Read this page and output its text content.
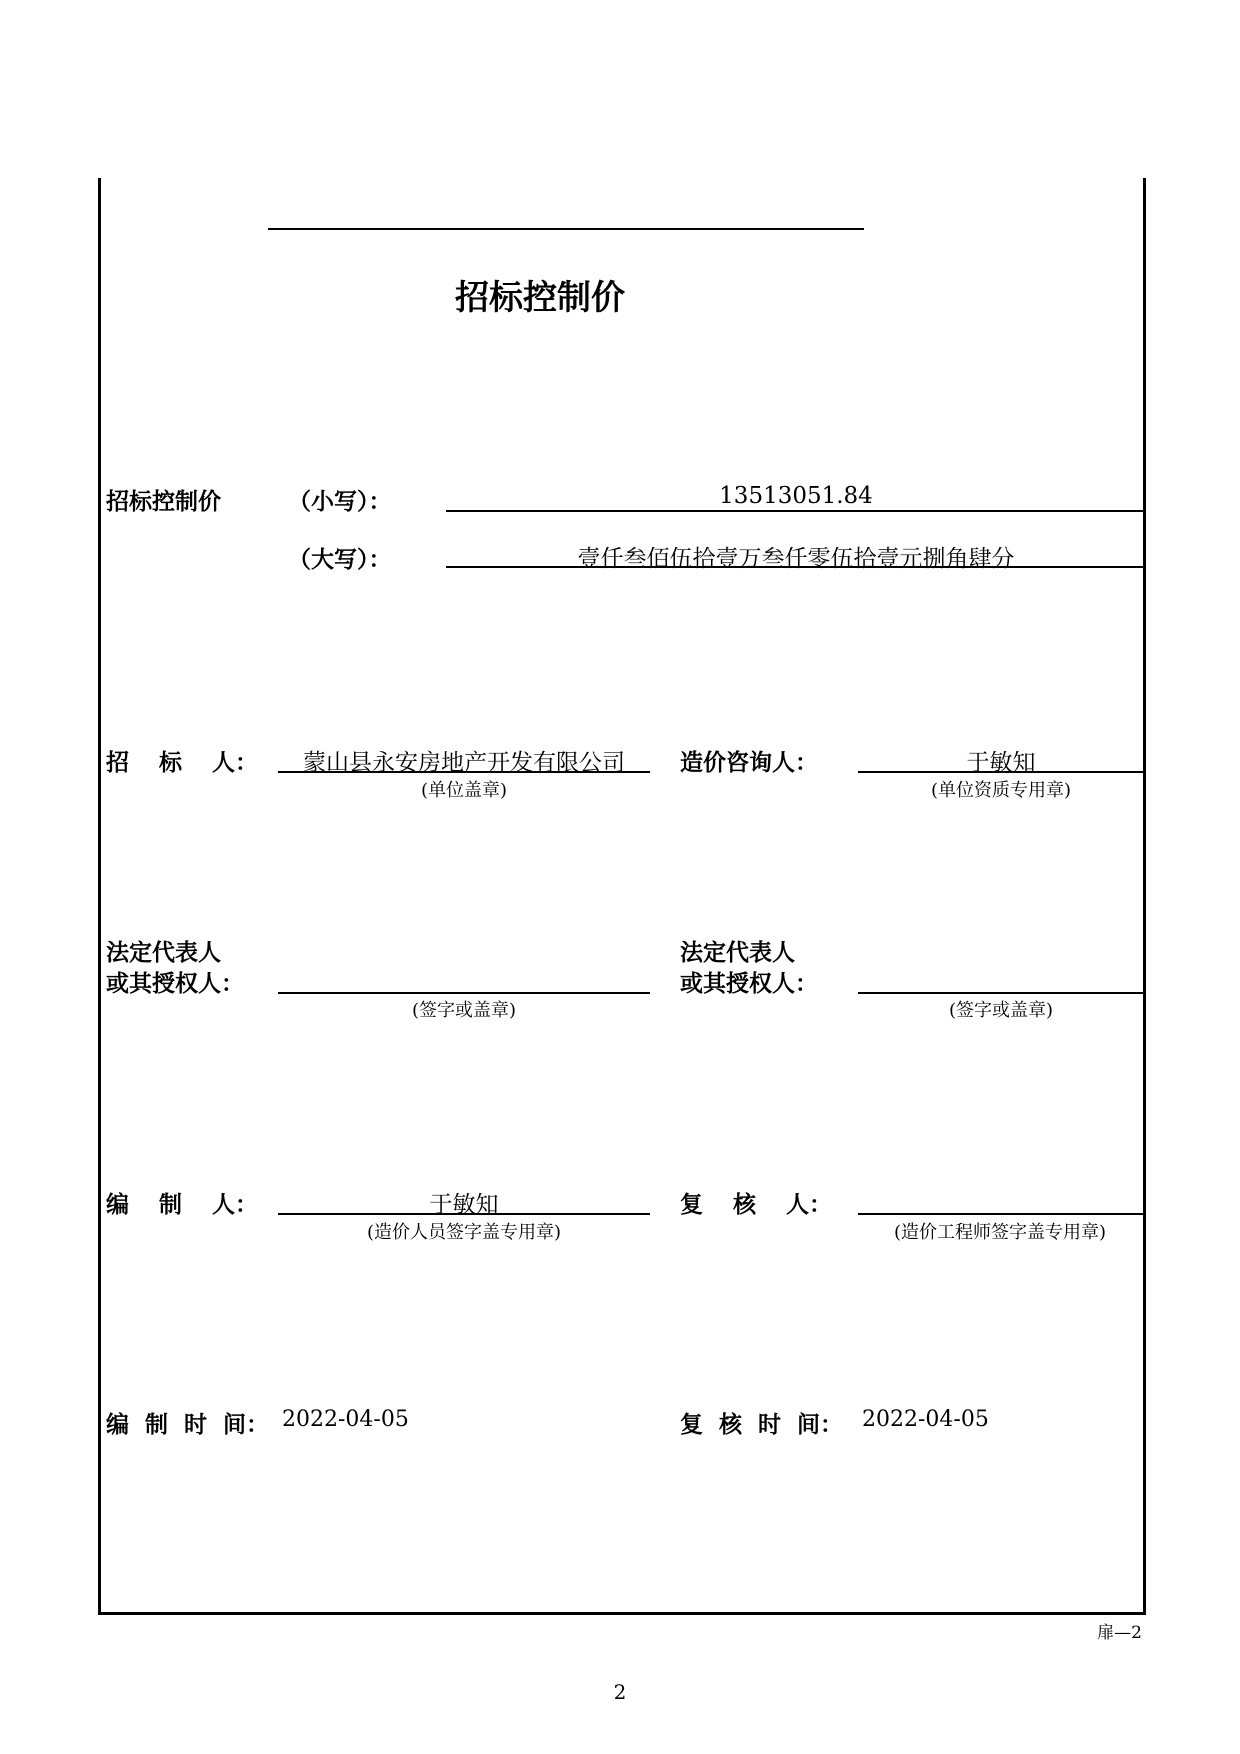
招标控制价
招标控制价	（小写）：	13513051.84
（大写）：	壹仟叁佰伍拾壹万叁仟零伍拾壹元捌角肆分
招 标 人：	蒙山县永安房地产开发有限公司
(单位盖章)
造价咨询人：	于敏知
(单位资质专用章)
法定代表人
或其授权人：
(签字或盖章)
法定代表人
或其授权人：
(签字或盖章)
编 制 人：	于敏知
(造价人员签字盖专用章)
复 核 人：
(造价工程师签字盖专用章)
编 制 时 间： 2022-04-05	复 核 时 间： 2022-04-05
扉—2
2
